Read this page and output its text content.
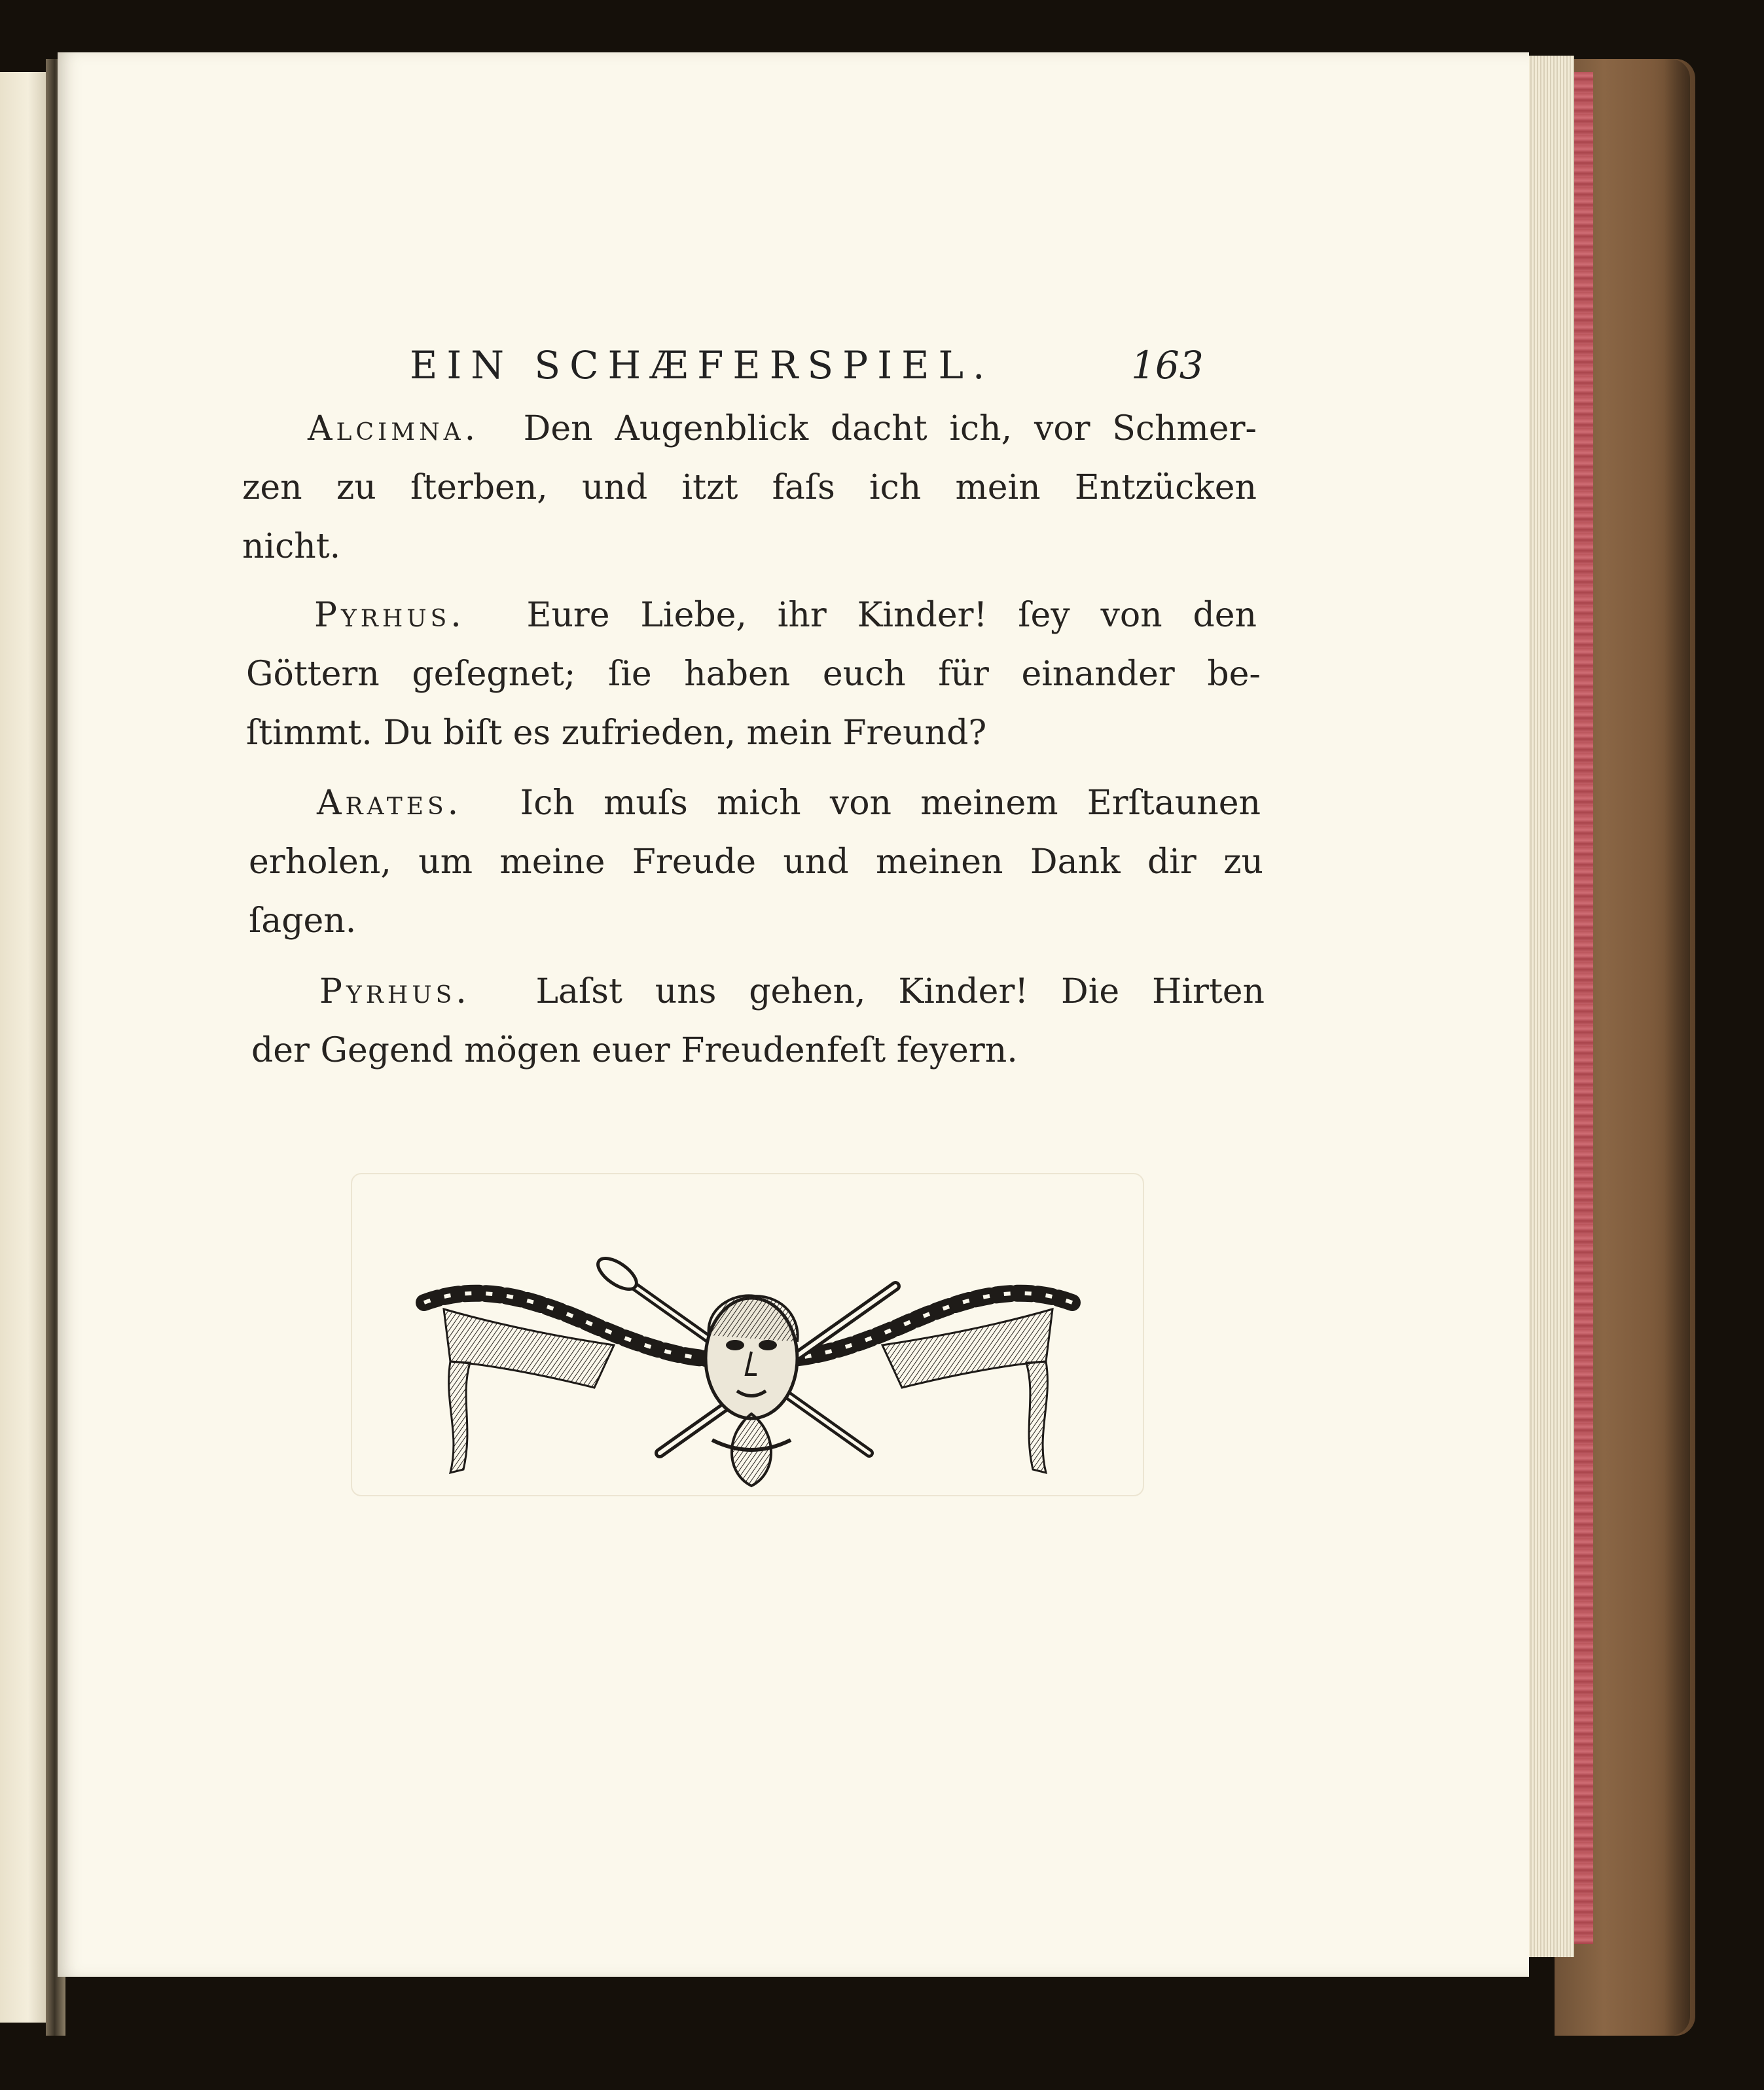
EIN SCHÆFERSPIEL.	163

Alcimna. Den Augenblick dacht ich, vor Schmer-

zen zu ſterben, und itzt faſs ich mein Entzücken

nicht.

Pyrhus. Eure Liebe, ihr Kinder! ſey von den

Göttern geſegnet; ſie haben euch für einander be-

ſtimmt. Du biſt es zufrieden, mein Freund?

Arates. Ich muſs mich von meinem Erſtaunen

erholen, um meine Freude und meinen Dank dir zu

ſagen.

Pyrhus. Laſst uns gehen, Kinder! Die Hirten

der Gegend mögen euer Freudenfeſt feyern.
